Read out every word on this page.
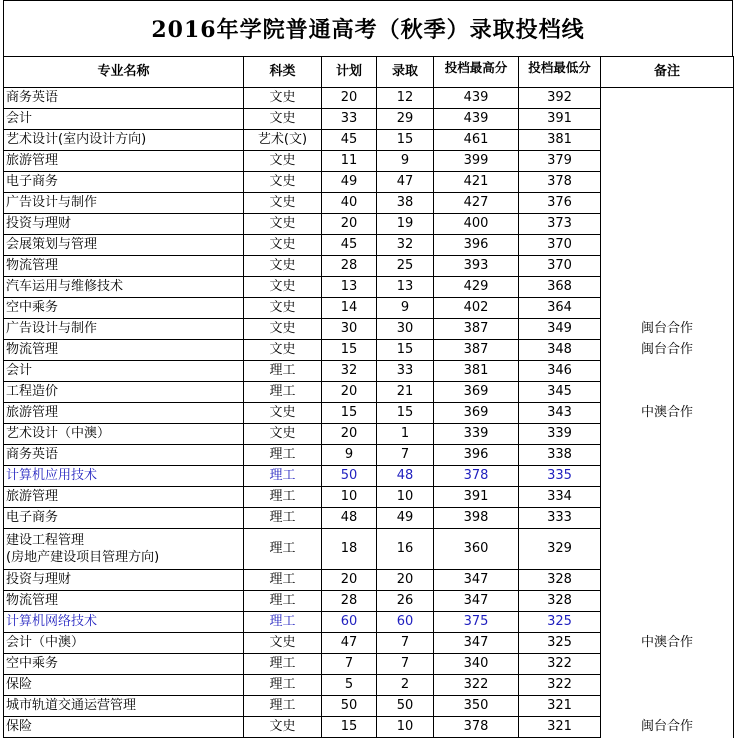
2016年学院普通高考（秋季）录取投档线
专业名称	科类	计划	录取	投档最高分	投档最低分	备注
商务英语	文史	20	12	439	392	
会计	文史	33	29	439	391	
艺术设计(室内设计方向)	艺术(文)	45	15	461	381	
旅游管理	文史	11	9	399	379	
电子商务	文史	49	47	421	378	
广告设计与制作	文史	40	38	427	376	
投资与理财	文史	20	19	400	373	
会展策划与管理	文史	45	32	396	370	
物流管理	文史	28	25	393	370	
汽车运用与维修技术	文史	13	13	429	368	
空中乘务	文史	14	9	402	364	
广告设计与制作	文史	30	30	387	349	闽台合作
物流管理	文史	15	15	387	348	闽台合作
会计	理工	32	33	381	346	
工程造价	理工	20	21	369	345	
旅游管理	文史	15	15	369	343	中澳合作
艺术设计（中澳）	文史	20	1	339	339	
商务英语	理工	9	7	396	338	
计算机应用技术	理工	50	48	378	335	
旅游管理	理工	10	10	391	334	
电子商务	理工	48	49	398	333	
建设工程管理
(房地产建设项目管理方向)	理工	18	16	360	329	
投资与理财	理工	20	20	347	328	
物流管理	理工	28	26	347	328	
计算机网络技术	理工	60	60	375	325	
会计（中澳）	文史	47	7	347	325	中澳合作
空中乘务	理工	7	7	340	322	
保险	理工	5	2	322	322	
城市轨道交通运营管理	理工	50	50	350	321	
保险	文史	15	10	378	321	闽台合作
